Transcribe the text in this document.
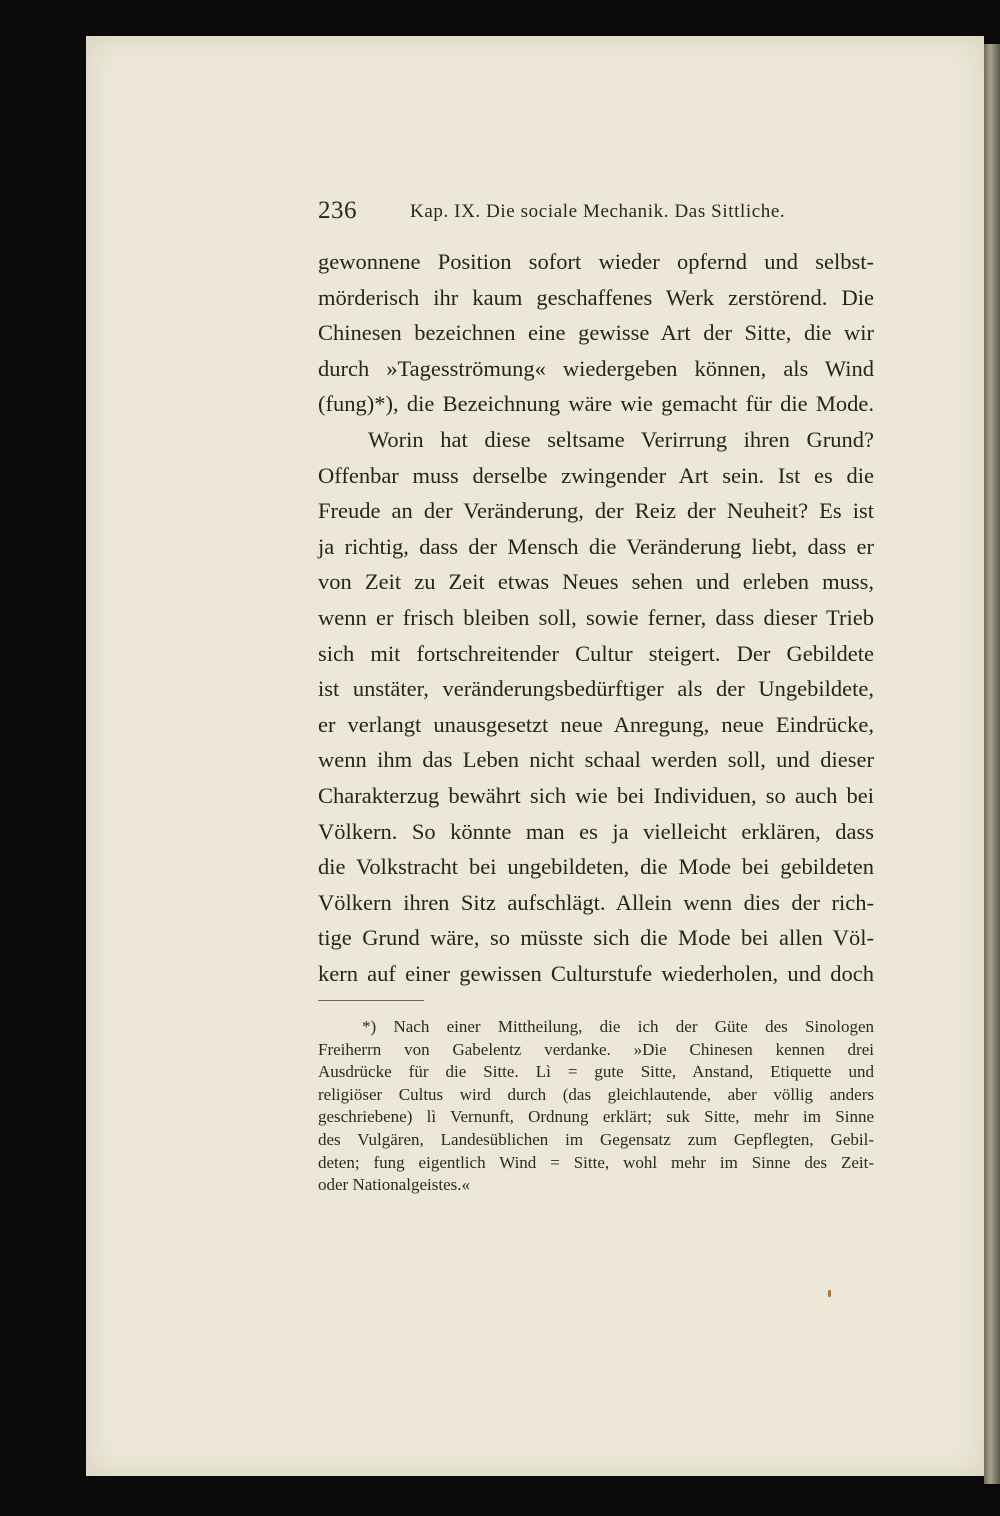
236	Kap. IX. Die sociale Mechanik. Das Sittliche.
gewonnene Position sofort wieder opfernd und selbst-
mörderisch ihr kaum geschaffenes Werk zerstörend. Die
Chinesen bezeichnen eine gewisse Art der Sitte, die wir
durch »Tagesströmung« wiedergeben können, als Wind
(fung)*), die Bezeichnung wäre wie gemacht für die Mode.
Worin hat diese seltsame Verirrung ihren Grund?
Offenbar muss derselbe zwingender Art sein. Ist es die
Freude an der Veränderung, der Reiz der Neuheit? Es ist
ja richtig, dass der Mensch die Veränderung liebt, dass er
von Zeit zu Zeit etwas Neues sehen und erleben muss,
wenn er frisch bleiben soll, sowie ferner, dass dieser Trieb
sich mit fortschreitender Cultur steigert. Der Gebildete
ist unstäter, veränderungsbedürftiger als der Ungebildete,
er verlangt unausgesetzt neue Anregung, neue Eindrücke,
wenn ihm das Leben nicht schaal werden soll, und dieser
Charakterzug bewährt sich wie bei Individuen, so auch bei
Völkern. So könnte man es ja vielleicht erklären, dass
die Volkstracht bei ungebildeten, die Mode bei gebildeten
Völkern ihren Sitz aufschlägt. Allein wenn dies der rich-
tige Grund wäre, so müsste sich die Mode bei allen Völ-
kern auf einer gewissen Culturstufe wiederholen, und doch
*) Nach einer Mittheilung, die ich der Güte des Sinologen
Freiherrn von Gabelentz verdanke. »Die Chinesen kennen drei
Ausdrücke für die Sitte. Lì = gute Sitte, Anstand, Etiquette und
religiöser Cultus wird durch (das gleichlautende, aber völlig anders
geschriebene) lì Vernunft, Ordnung erklärt; suk Sitte, mehr im Sinne
des Vulgären, Landesüblichen im Gegensatz zum Gepflegten, Gebil-
deten; fung eigentlich Wind = Sitte, wohl mehr im Sinne des Zeit-
oder Nationalgeistes.«
